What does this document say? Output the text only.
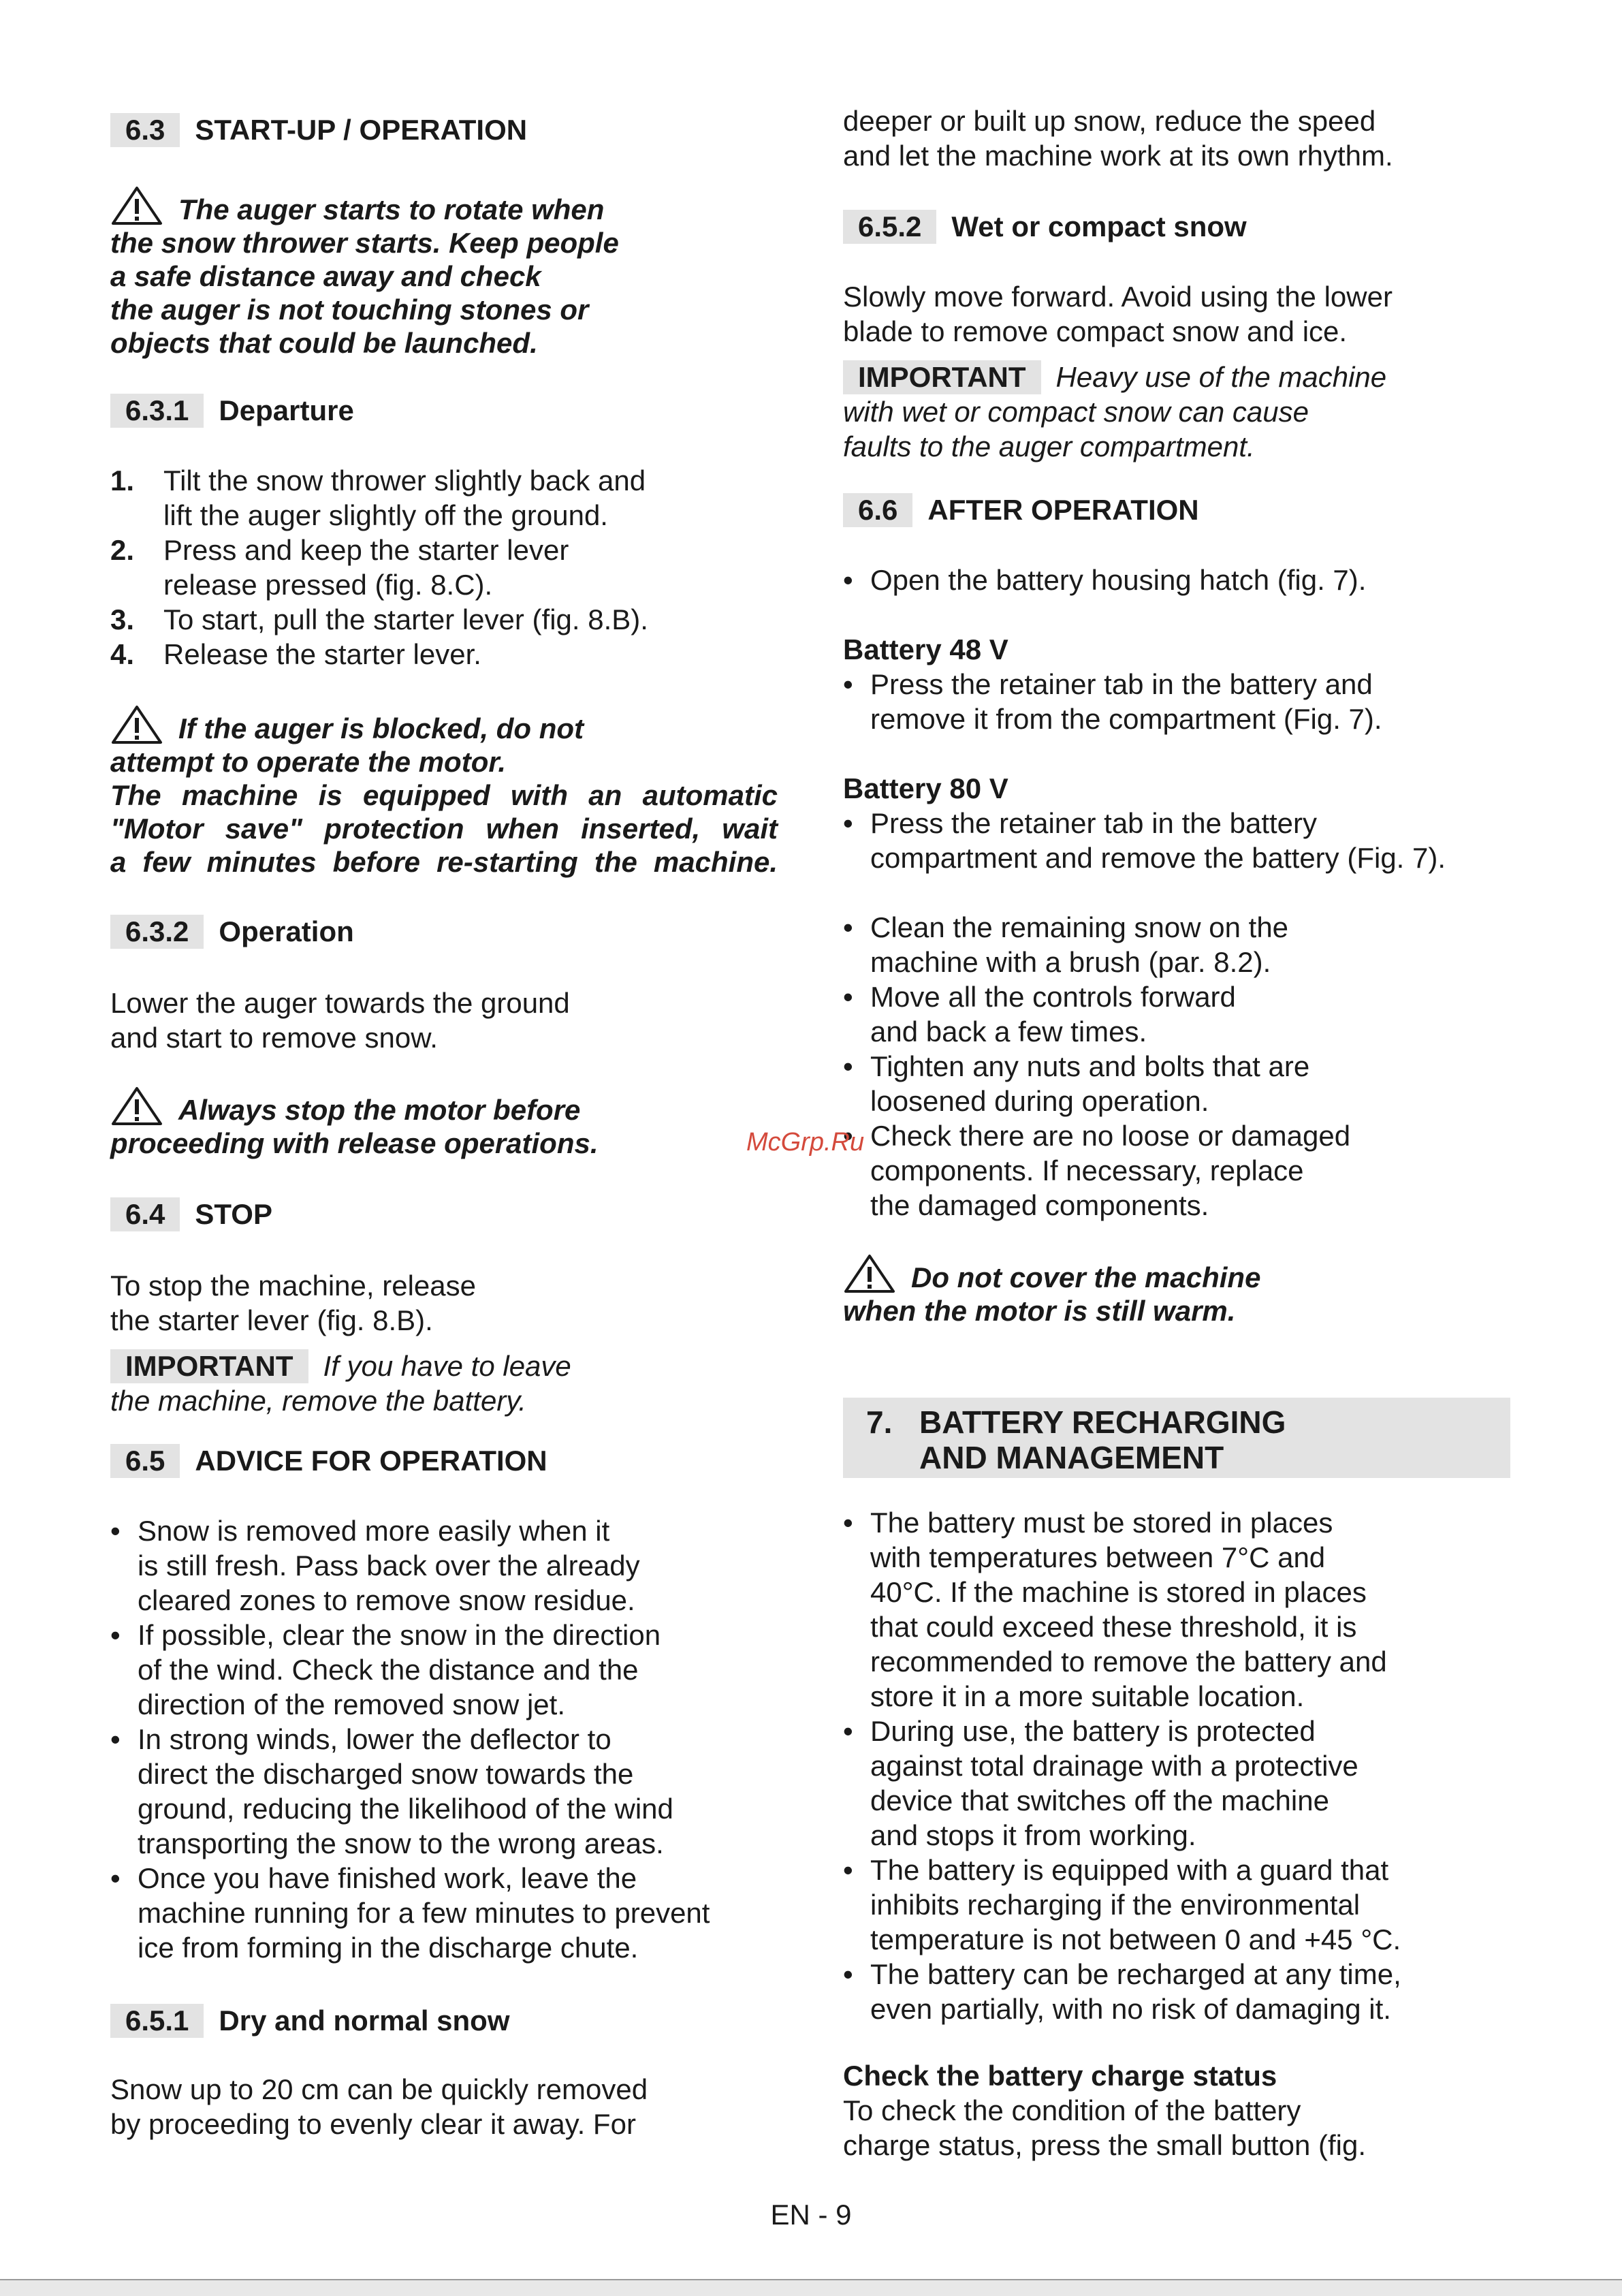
6.3 START-UP / OPERATION

The auger starts to rotate when
the snow thrower starts. Keep people
a safe distance away and check
the auger is not touching stones or
objects that could be launched.

6.3.1 Departure
1. Tilt the snow thrower slightly back and
lift the auger slightly off the ground.
2. Press and keep the starter lever
release pressed (fig. 8.C).
3. To start, pull the starter lever (fig. 8.B).
4. Release the starter lever.

If the auger is blocked, do not
attempt to operate the motor.

The machine is equipped with an automatic

"Motor save" protection when inserted, wait

a few minutes before re-starting the machine.

6.3.2 Operation

Lower the auger towards the ground
and start to remove snow.

Always stop the motor before
proceeding with release operations.

6.4 STOP

To stop the machine, release
the starter lever (fig. 8.B).

IMPORTANT If you have to leave
the machine, remove the battery.

6.5 ADVICE FOR OPERATION
• Snow is removed more easily when it
is still fresh. Pass back over the already
cleared zones to remove snow residue.
• If possible, clear the snow in the direction
of the wind. Check the distance and the
direction of the removed snow jet.
• In strong winds, lower the deflector to
direct the discharged snow towards the
ground, reducing the likelihood of the wind
transporting the snow to the wrong areas.
• Once you have finished work, leave the
machine running for a few minutes to prevent
ice from forming in the discharge chute.
6.5.1 Dry and normal snow

Snow up to 20 cm can be quickly removed
by proceeding to evenly clear it away. For

deeper or built up snow, reduce the speed
and let the machine work at its own rhythm.

6.5.2 Wet or compact snow

Slowly move forward. Avoid using the lower
blade to remove compact snow and ice.

IMPORTANT Heavy use of the machine
with wet or compact snow can cause
faults to the auger compartment.

6.6 AFTER OPERATION
• Open the battery housing hatch (fig. 7).

Battery 48 V

• Press the retainer tab in the battery and
remove it from the compartment (Fig. 7).

Battery 80 V

• Press the retainer tab in the battery
compartment and remove the battery (Fig. 7).
• Clean the remaining snow on the
machine with a brush (par. 8.2).
• Move all the controls forward
and back a few times.
• Tighten any nuts and bolts that are
loosened during operation.
• Check there are no loose or damaged
components. If necessary, replace
the damaged components.

Do not cover the machine
when the motor is still warm.

• The battery must be stored in places
with temperatures between 7°C and
40°C. If the machine is stored in places
that could exceed these threshold, it is
recommended to remove the battery and
store it in a more suitable location.
• During use, the battery is protected
against total drainage with a protective
device that switches off the machine
and stops it from working.
• The battery is equipped with a guard that
inhibits recharging if the environmental
temperature is not between 0 and +45 °C.
• The battery can be recharged at any time,
even partially, with no risk of damaging it.

Check the battery charge status

To check the condition of the battery
charge status, press the small button (fig.

7. BATTERY RECHARGING
AND MANAGEMENT
McGrp.Ru
EN - 9
